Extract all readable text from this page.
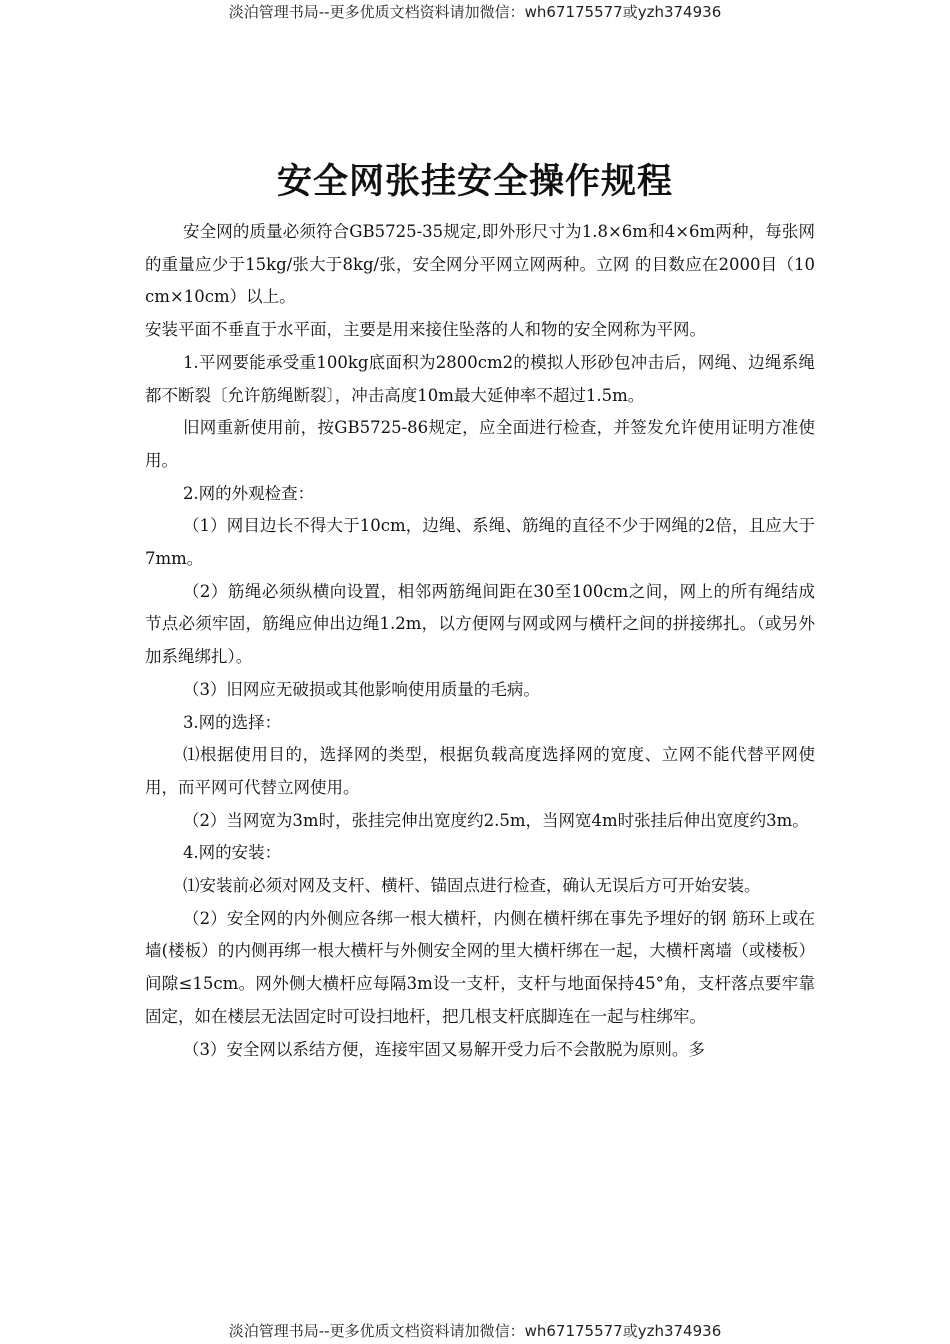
淡泊管理书局--更多优质文档资料请加微信：wh67175577或yzh374936
安全网张挂安全操作规程

安全网的质量必须符合GB5725-35规定,即外形尺寸为1.8×6m和4×6m两种，每张网的重量应少于15kg/张大于8kg/张，安全网分平网立网两种。立网 的目数应在2000目（10cm×10cm）以上。

安装平面不垂直于水平面，主要是用来接住坠落的人和物的安全网称为平网。

1.平网要能承受重100kg底面积为2800cm2的模拟人形砂包冲击后，网绳、边绳系绳都不断裂〔允许筋绳断裂〕，冲击高度10m最大延伸率不超过1.5m。

旧网重新使用前，按GB5725-86规定，应全面进行检查，并签发允许使用证明方准使用。

2.网的外观检查：

（1）网目边长不得大于10cm，边绳、系绳、筋绳的直径不少于网绳的2倍，且应大于7mm。

（2）筋绳必须纵横向设置，相邻两筋绳间距在30至100cm之间，网上的所有绳结成节点必须牢固，筋绳应伸出边绳1.2m，以方便网与网或网与横杆之间的拼接绑扎。（或另外加系绳绑扎）。

（3）旧网应无破损或其他影响使用质量的毛病。

3.网的选择：

⑴根据使用目的，选择网的类型，根据负载高度选择网的宽度、立网不能代替平网使用，而平网可代替立网使用。

（2）当网宽为3m时，张挂完伸出宽度约2.5m，当网宽4m时张挂后伸出宽度约3m。

4.网的安装：

⑴安装前必须对网及支杆、横杆、锚固点进行检查，确认无误后方可开始安装。

（2）安全网的内外侧应各绑一根大横杆，内侧在横杆绑在事先予埋好的钢 筋环上或在墙(楼板）的内侧再绑一根大横杆与外侧安全网的里大横杆绑在一起，大横杆离墙（或楼板）间隙≤15cm。网外侧大横杆应每隔3m设一支杆，支杆与地面保持45°角，支杆落点要牢靠固定，如在楼层无法固定时可设扫地杆，把几根支杆底脚连在一起与柱绑牢。

（3）安全网以系结方便，连接牢固又易解开受力后不会散脱为原则。多

淡泊管理书局--更多优质文档资料请加微信：wh67175577或yzh374936
